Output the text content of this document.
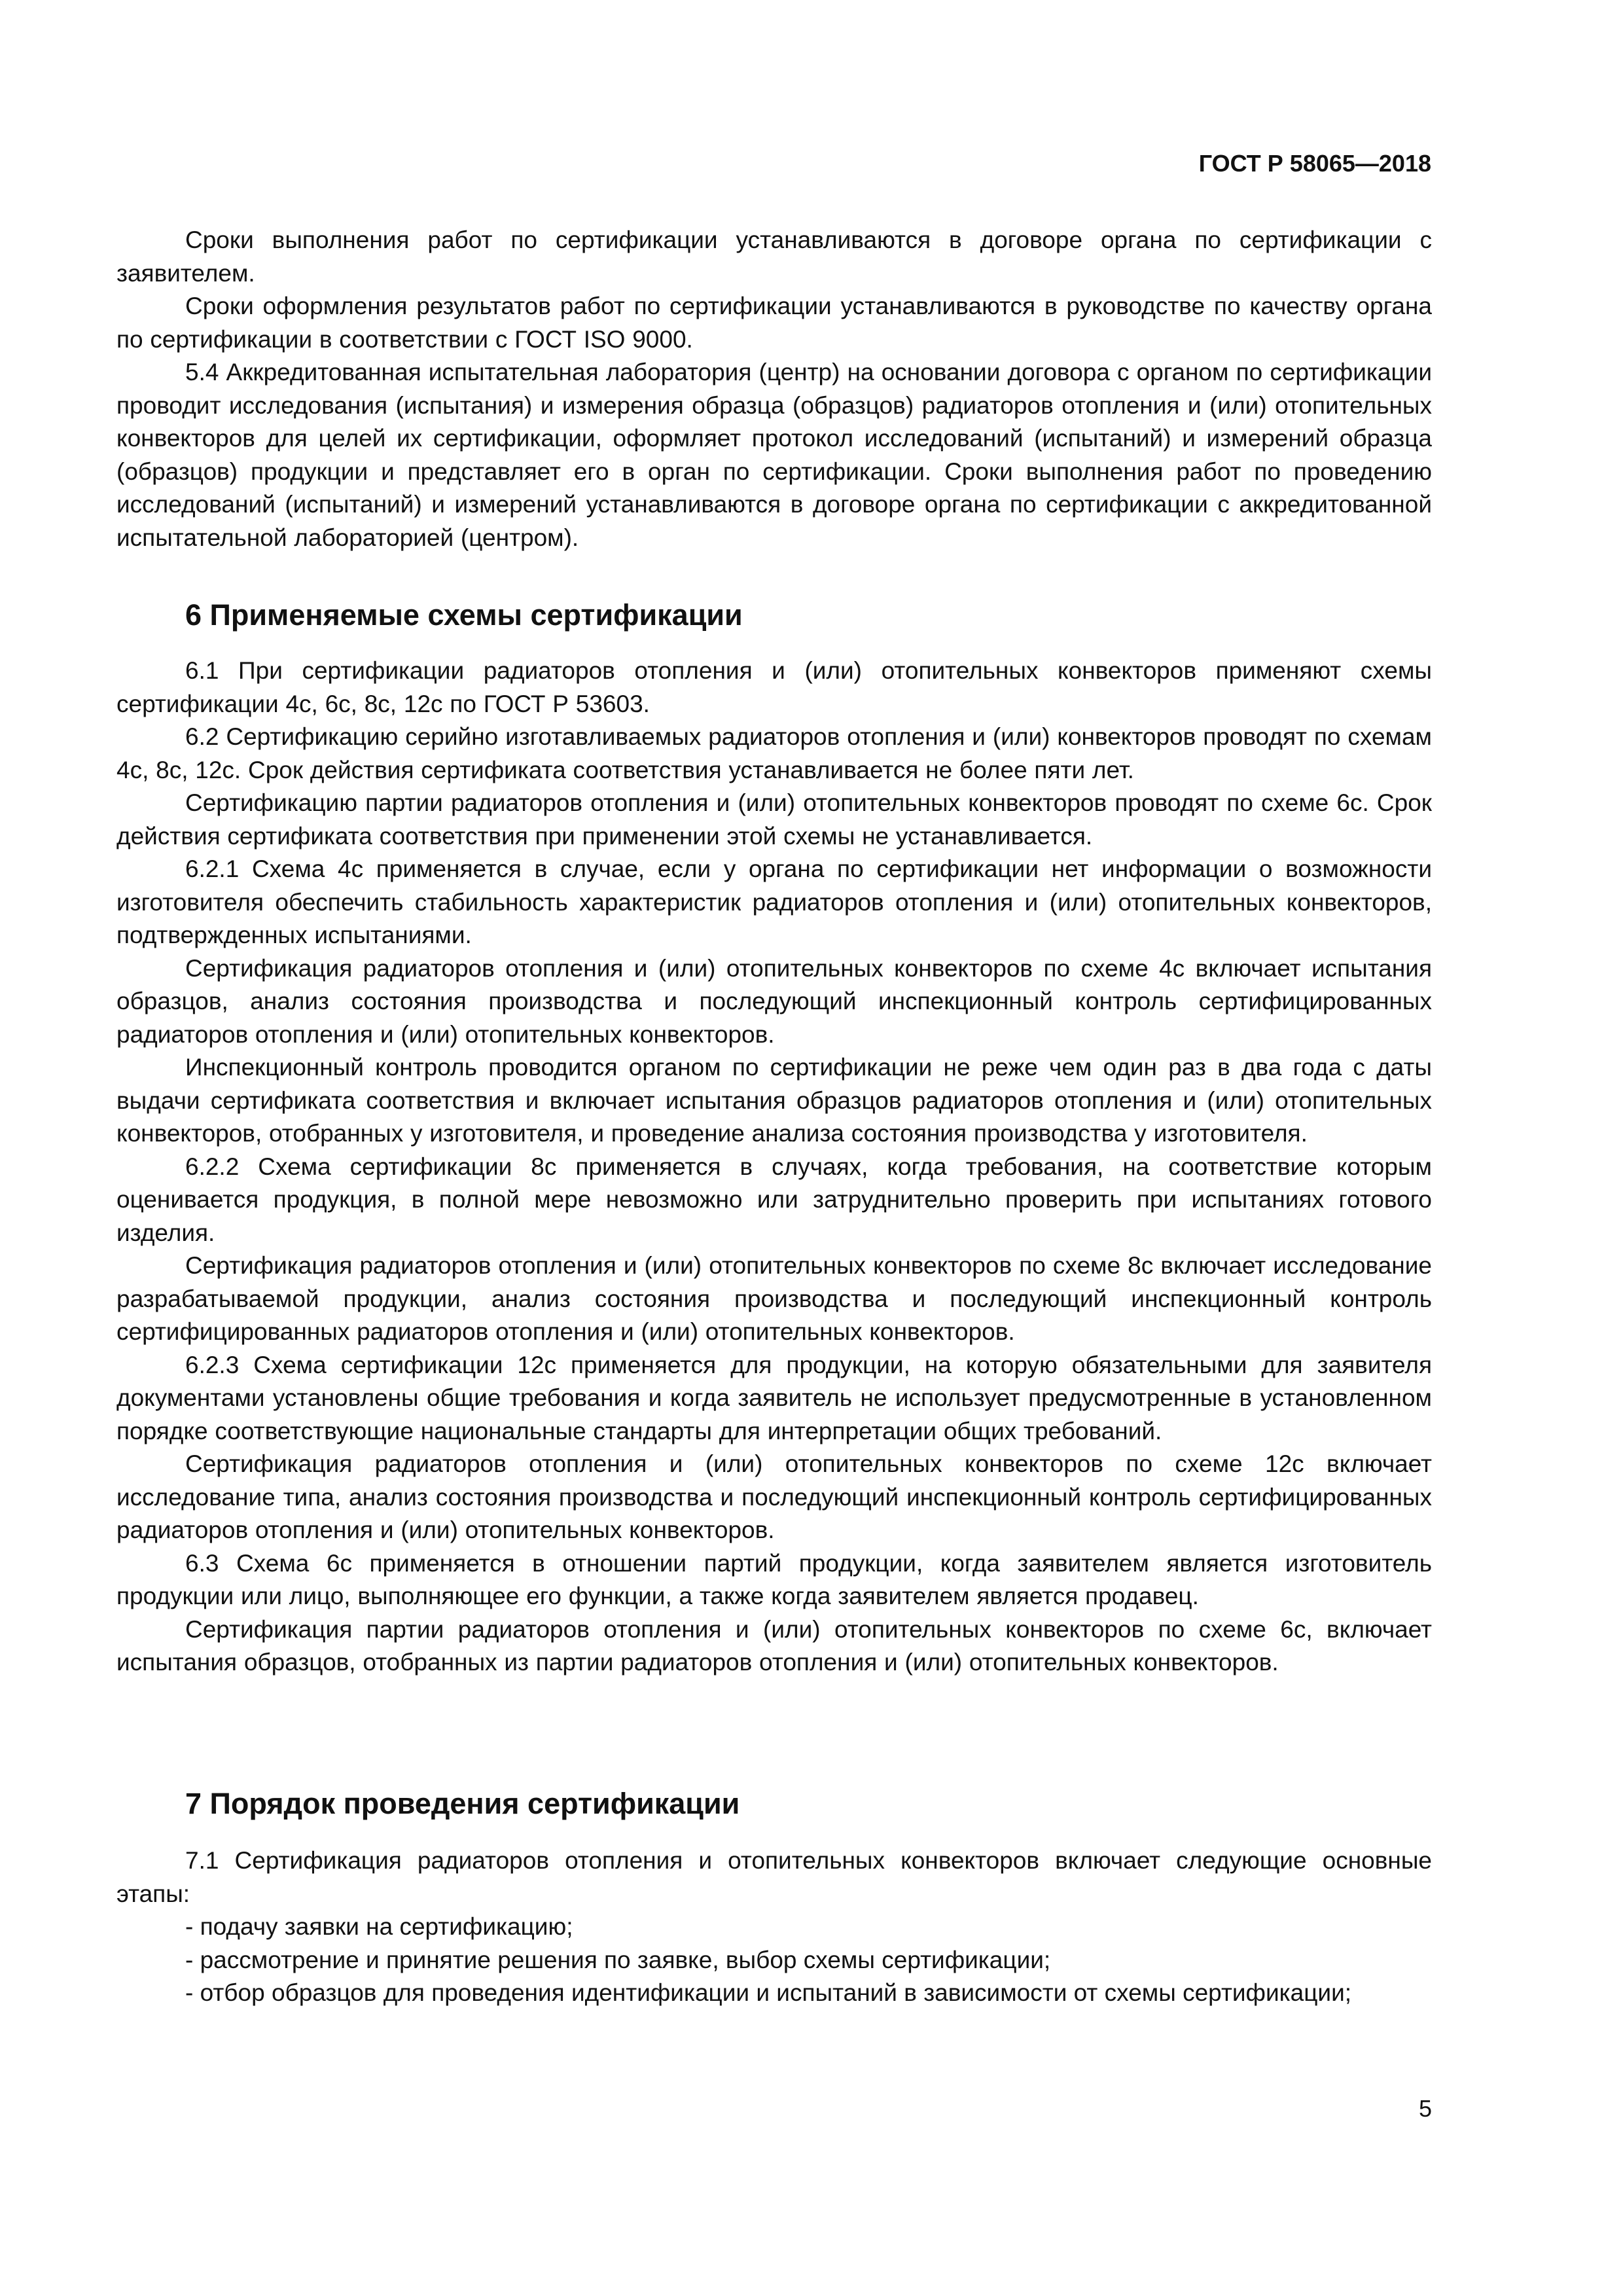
ГОСТ Р 58065—2018

Сроки выполнения работ по сертификации устанавливаются в договоре органа по сертификации с заявителем.

Сроки оформления результатов работ по сертификации устанавливаются в руководстве по качеству органа по сертификации в соответствии с ГОСТ ISO 9000.

5.4 Аккредитованная испытательная лаборатория (центр) на основании договора с органом по сертификации проводит исследования (испытания) и измерения образца (образцов) радиаторов отопления и (или) отопительных конвекторов для целей их сертификации, оформляет протокол исследований (испытаний) и измерений образца (образцов) продукции и представляет его в орган по сертификации. Сроки выполнения работ по проведению исследований (испытаний) и измерений устанавливаются в договоре органа по сертификации с аккредитованной испытательной лабораторией (центром).

6 Применяемые схемы сертификации

6.1 При сертификации радиаторов отопления и (или) отопительных конвекторов применяют схемы сертификации 4с, 6с, 8с, 12с по ГОСТ Р 53603.

6.2 Сертификацию серийно изготавливаемых радиаторов отопления и (или) конвекторов проводят по схемам 4с, 8с, 12с. Срок действия сертификата соответствия устанавливается не более пяти лет.

Сертификацию партии радиаторов отопления и (или) отопительных конвекторов проводят по схеме 6с. Срок действия сертификата соответствия при применении этой схемы не устанавливается.

6.2.1 Схема 4с применяется в случае, если у органа по сертификации нет информации о возможности изготовителя обеспечить стабильность характеристик радиаторов отопления и (или) отопительных конвекторов, подтвержденных испытаниями.

Сертификация радиаторов отопления и (или) отопительных конвекторов по схеме 4с включает испытания образцов, анализ состояния производства и последующий инспекционный контроль сертифицированных радиаторов отопления и (или) отопительных конвекторов.

Инспекционный контроль проводится органом по сертификации не реже чем один раз в два года с даты выдачи сертификата соответствия и включает испытания образцов радиаторов отопления и (или) отопительных конвекторов, отобранных у изготовителя, и проведение анализа состояния производства у изготовителя.

6.2.2 Схема сертификации 8с применяется в случаях, когда требования, на соответствие которым оценивается продукция, в полной мере невозможно или затруднительно проверить при испытаниях готового изделия.

Сертификация радиаторов отопления и (или) отопительных конвекторов по схеме 8с включает исследование разрабатываемой продукции, анализ состояния производства и последующий инспекционный контроль сертифицированных радиаторов отопления и (или) отопительных конвекторов.

6.2.3 Схема сертификации 12с применяется для продукции, на которую обязательными для заявителя документами установлены общие требования и когда заявитель не использует предусмотренные в установленном порядке соответствующие национальные стандарты для интерпретации общих требований.

Сертификация радиаторов отопления и (или) отопительных конвекторов по схеме 12с включает исследование типа, анализ состояния производства и последующий инспекционный контроль сертифицированных радиаторов отопления и (или) отопительных конвекторов.

6.3 Схема 6с применяется в отношении партий продукции, когда заявителем является изготовитель продукции или лицо, выполняющее его функции, а также когда заявителем является продавец.

Сертификация партии радиаторов отопления и (или) отопительных конвекторов по схеме 6с, включает испытания образцов, отобранных из партии радиаторов отопления и (или) отопительных конвекторов.

7 Порядок проведения сертификации

7.1 Сертификация радиаторов отопления и отопительных конвекторов включает следующие основные этапы:

- подачу заявки на сертификацию;

- рассмотрение и принятие решения по заявке, выбор схемы сертификации;

- отбор образцов для проведения идентификации и испытаний в зависимости от схемы сертификации;

5
